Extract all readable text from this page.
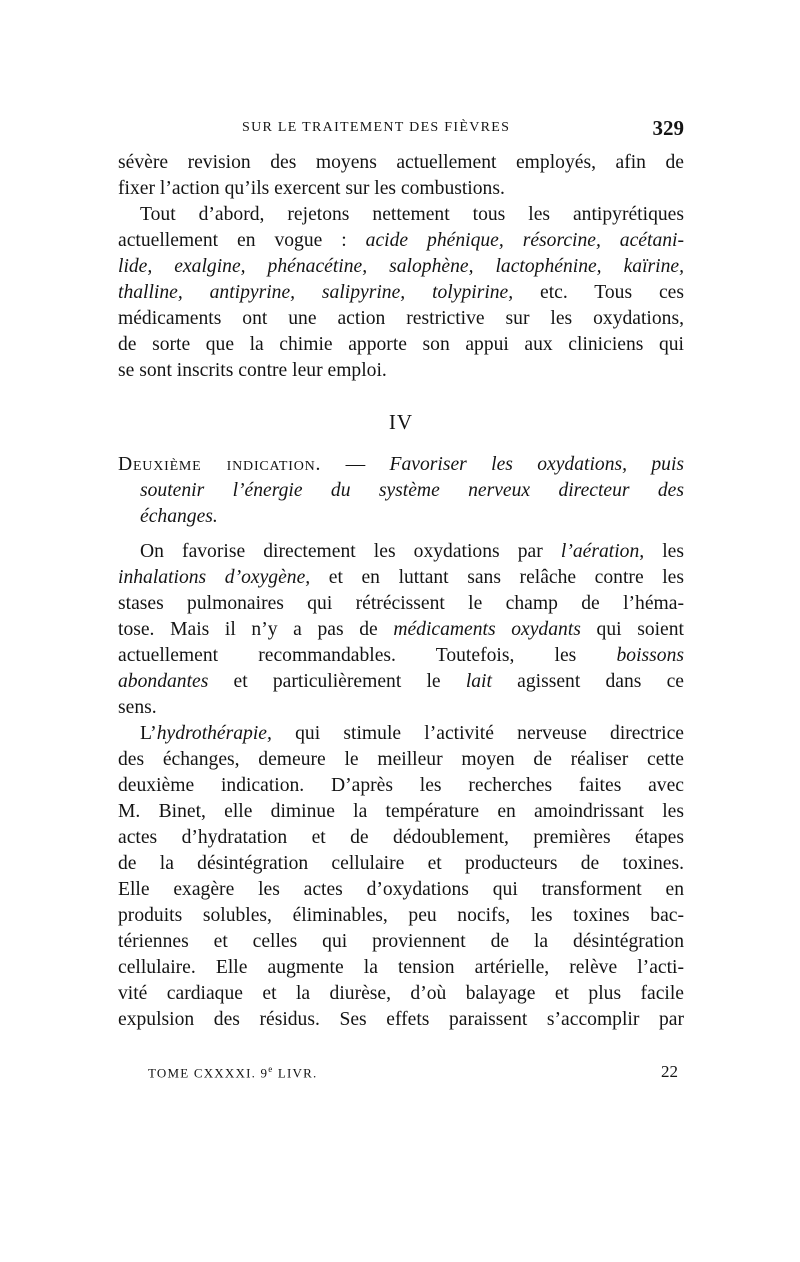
SUR LE TRAITEMENT DES FIÈVRES	329
sévère revision des moyens actuellement employés, afin de
fixer l’action qu’ils exercent sur les combustions.
Tout d’abord, rejetons nettement tous les antipyrétiques
actuellement en vogue : acide phénique, résorcine, acétani-
lide, exalgine, phénacétine, salophène, lactophénine, kaïrine,
thalline, antipyrine, salipyrine, tolypirine, etc. Tous ces
médicaments ont une action restrictive sur les oxydations,
de sorte que la chimie apporte son appui aux cliniciens qui
se sont inscrits contre leur emploi.
IV
Deuxième indication. — Favoriser les oxydations, puis
soutenir l’énergie du système nerveux directeur des
échanges.
On favorise directement les oxydations par l’aération, les
inhalations d’oxygène, et en luttant sans relâche contre les
stases pulmonaires qui rétrécissent le champ de l’héma-
tose. Mais il n’y a pas de médicaments oxydants qui soient
actuellement recommandables. Toutefois, les boissons
abondantes et particulièrement le lait agissent dans ce
sens.
L’hydrothérapie, qui stimule l’activité nerveuse directrice
des échanges, demeure le meilleur moyen de réaliser cette
deuxième indication. D’après les recherches faites avec
M. Binet, elle diminue la température en amoindrissant les
actes d’hydratation et de dédoublement, premières étapes
de la désintégration cellulaire et producteurs de toxines.
Elle exagère les actes d’oxydations qui transforment en
produits solubles, éliminables, peu nocifs, les toxines bac-
tériennes et celles qui proviennent de la désintégration
cellulaire. Elle augmente la tension artérielle, relève l’acti-
vité cardiaque et la diurèse, d’où balayage et plus facile
expulsion des résidus. Ses effets paraissent s’accomplir par
TOME CXXXXI. 9e LIVR.	22
